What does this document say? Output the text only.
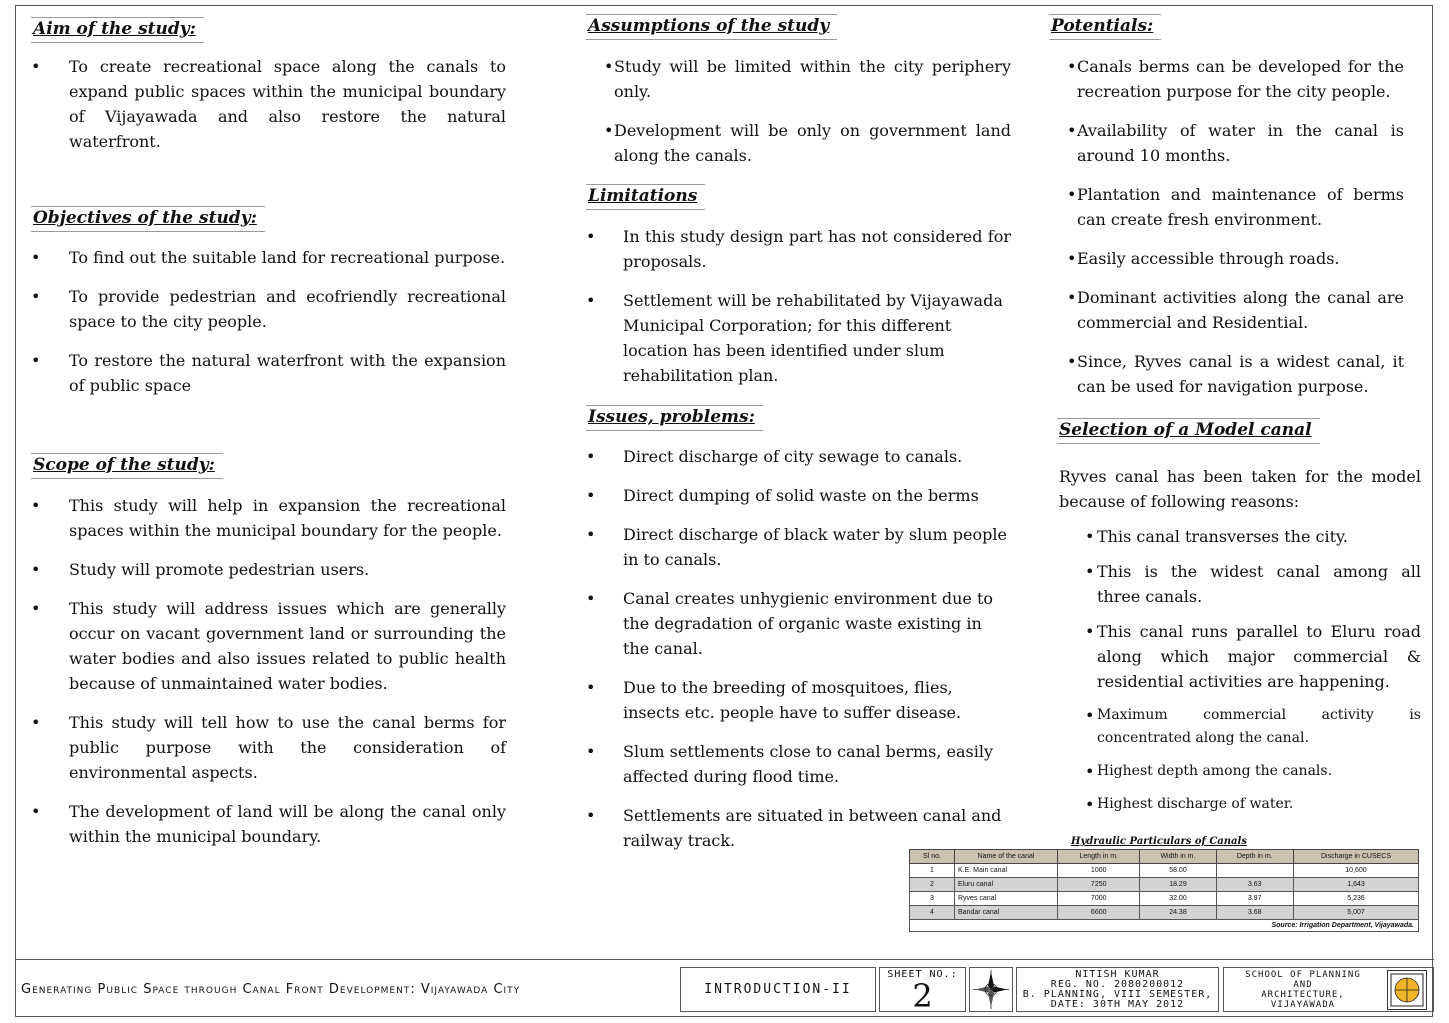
Aim of the study:
• To create recreational space along the canals to expand public spaces within the municipal boundary of Vijayawada and also restore the natural waterfront.
Objectives of the study:
• To find out the suitable land for recreational purpose.
• To provide pedestrian and ecofriendly recreational space to the city people.
• To restore the natural waterfront with the expansion of public space
Scope of the study:
• This study will help in expansion the recreational spaces within the municipal boundary for the people.
• Study will promote pedestrian users.
• This study will address issues which are generally occur on vacant government land or surrounding the water bodies and also issues related to public health because of unmaintained water bodies.
• This study will tell how to use the canal berms for public purpose with the consideration of environmental aspects.
• The development of land will be along the canal only within the municipal boundary.
Assumptions of the study
• Study will be limited within the city periphery only.
• Development will be only on government land along the canals.
Limitations
• In this study design part has not considered for proposals.
• Settlement will be rehabilitated by Vijayawada Municipal Corporation; for this different location has been identified under slum rehabilitation plan.
Issues, problems:
• Direct discharge of city sewage to canals.
• Direct dumping of solid waste on the berms
• Direct discharge of black water by slum people in to canals.
• Canal creates unhygienic environment due to the degradation of organic waste existing in the canal.
• Due to the breeding of mosquitoes, flies, insects etc. people have to suffer disease.
• Slum settlements close to canal berms, easily affected during flood time.
• Settlements are situated in between canal and railway track.
Potentials:
• Canals berms can be developed for the recreation purpose for the city people.
• Availability of water in the canal is around 10 months.
• Plantation and maintenance of berms can create fresh environment.
• Easily accessible through roads.
• Dominant activities along the canal are commercial and Residential.
• Since, Ryves canal is a widest canal, it can be used for navigation purpose.
Selection of a Model canal

Ryves canal has been taken for the model because of following reasons:

• This canal transverses the city.
• This is the widest canal among all three canals.
• This canal runs parallel to Eluru road along which major commercial & residential activities are happening.
• Maximum commercial activity is concentrated along the canal.
• Highest depth among the canals.
• Highest discharge of water.
Hydraulic Particulars of Canals
Sl no.	Name of the canal	Length in m.	Width in m.	Depth in m.	Discharge in CUSECS
1	K.E. Main canal	1000	58.00		10,600
2	Eluru canal	7250	18.29	3.63	1,643
3	Ryves canal	7000	32.00	3.97	5,236
4	Bandar canal	6600	24.38	3.68	5,007
Source: Irrigation Department, Vijayawada.
Generating Public Space through Canal Front Development: Vijayawada City	INTRODUCTION-II
SHEET NO.:
2
NITISH KUMAR
REG. NO. 2080200012
B. PLANNING, VIII SEMESTER,
DATE: 30TH MAY 2012
SCHOOL OF PLANNING
AND
ARCHITECTURE,
VIJAYAWADA
